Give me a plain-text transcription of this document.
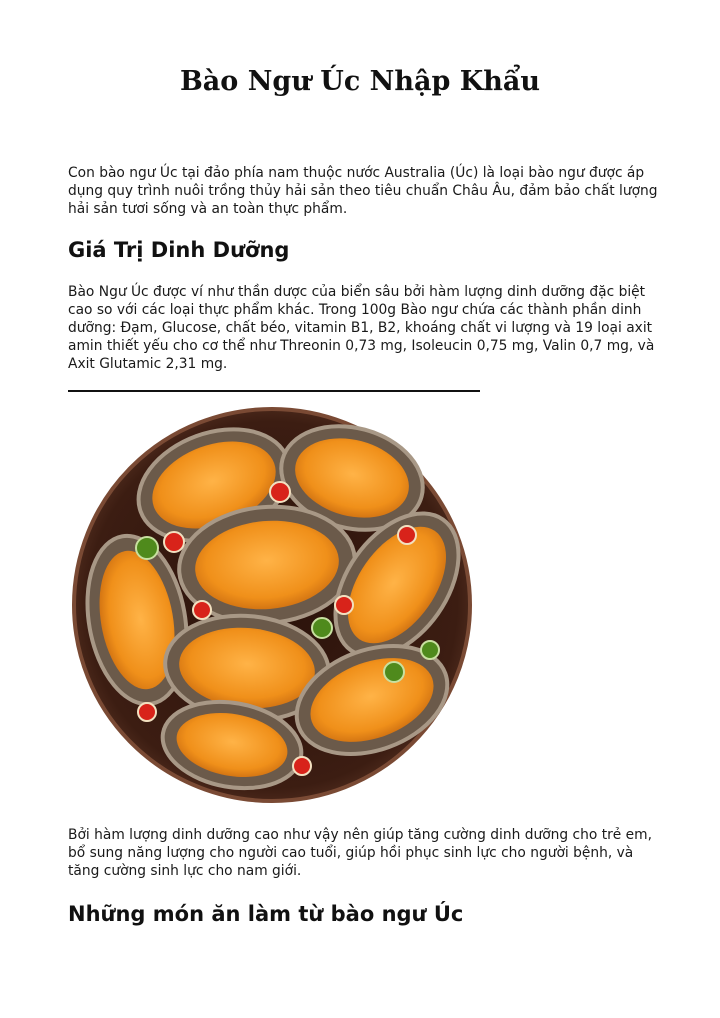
Bào Ngư Úc Nhập Khẩu

Con bào ngư Úc tại đảo phía nam thuộc nước Australia (Úc) là loại bào ngư được áp dụng quy trình nuôi trồng thủy hải sản theo tiêu chuẩn Châu Âu, đảm bảo chất lượng hải sản tươi sống và an toàn thực phẩm.

Giá Trị Dinh Dưỡng

Bào Ngư Úc được ví như thần dược của biển sâu bởi hàm lượng dinh dưỡng đặc biệt cao so với các loại thực phẩm khác. Trong 100g Bào ngư chứa các thành phần dinh dưỡng: Đạm, Glucose, chất béo, vitamin B1, B2, khoáng chất vi lượng và 19 loại axit amin thiết yếu cho cơ thể như Threonin 0,73 mg, Isoleucin 0,75 mg, Valin 0,7 mg, và Axit Glutamic 2,31 mg.

Bởi hàm lượng dinh dưỡng cao như vậy nên giúp tăng cường dinh dưỡng cho trẻ em, bổ sung năng lượng cho người cao tuổi, giúp hồi phục sinh lực cho người bệnh, và tăng cường sinh lực cho nam giới.

Những món ăn làm từ bào ngư Úc
